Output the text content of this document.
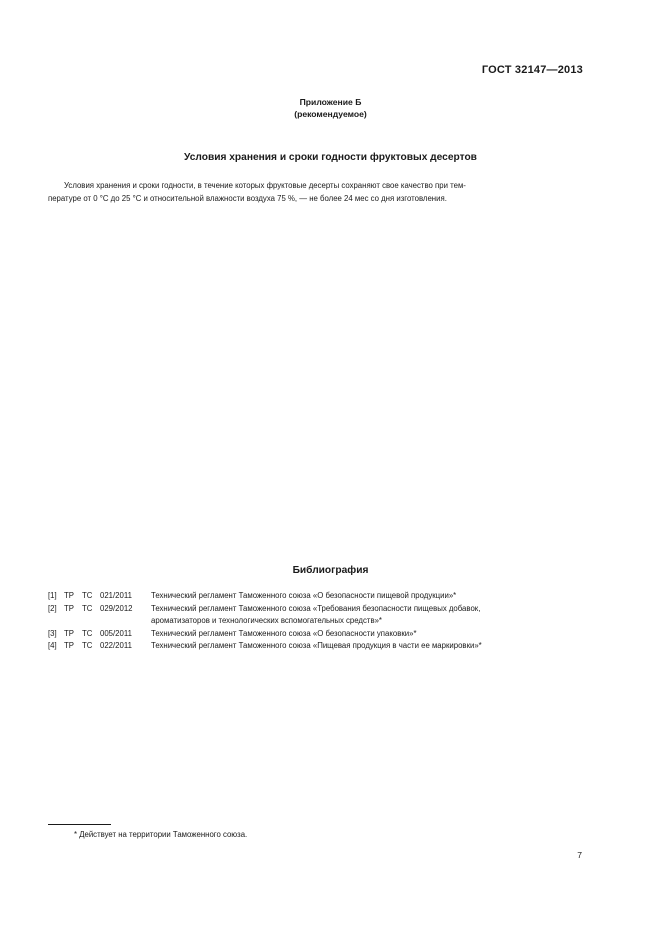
ГОСТ 32147—2013
Приложение Б
(рекомендуемое)
Условия хранения и сроки годности фруктовых десертов
Условия хранения и сроки годности, в течение которых фруктовые десерты сохраняют свое качество при тем-
пературе от 0 °С до 25 °С и относительной влажности воздуха 75 %, — не более 24 мес со дня изготовления.
Библиография
[1] ТР	ТС 021/2011	Технический регламент Таможенного союза «О безопасности пищевой продукции»*
[2] ТР	ТС 029/2012	Технический регламент Таможенного союза «Требования безопасности пищевых добавок,
ароматизаторов и технологических вспомогательных средств»*
[3] ТР	ТС 005/2011	Технический регламент Таможенного союза «О безопасности упаковки»*
[4] ТР	ТС 022/2011	Технический регламент Таможенного союза «Пищевая продукция в части ее маркировки»*
* Действует на территории Таможенного союза.
7
